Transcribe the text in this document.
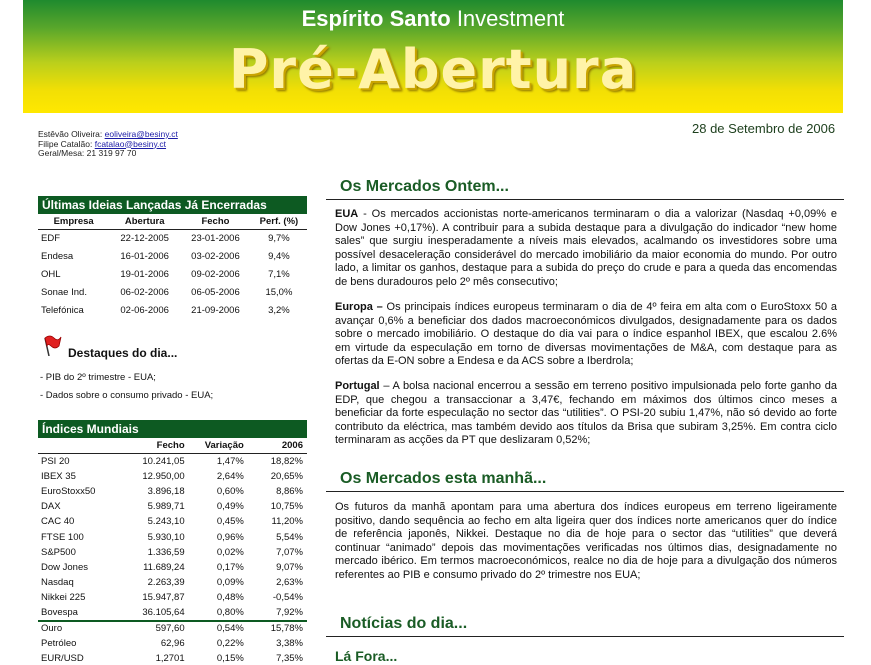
Espírito Santo Investment
Pré-Abertura
28 de Setembro de 2006
Estêvão Oliveira: eoliveira@besiny.ct
Filipe Catalão: fcatalao@besiny.ct
Geral/Mesa: 21 319 97 70
Últimas Ideias Lançadas Já Encerradas
Empresa	Abertura	Fecho	Perf. (%)
EDF	22-12-2005	23-01-2006	9,7%
Endesa	16-01-2006	03-02-2006	9,4%
OHL	19-01-2006	09-02-2006	7,1%
Sonae Ind.	06-02-2006	06-05-2006	15,0%
Telefónica	02-06-2006	21-09-2006	3,2%
Destaques do dia...
- PIB do 2º trimestre - EUA;
- Dados sobre o consumo privado - EUA;
Índices Mundiais
	Fecho	Variação	2006
PSI 20	10.241,05	1,47%	18,82%
IBEX 35	12.950,00	2,64%	20,65%
EuroStoxx50	3.896,18	0,60%	8,86%
DAX	5.989,71	0,49%	10,75%
CAC 40	5.243,10	0,45%	11,20%
FTSE 100	5.930,10	0,96%	5,54%
S&P500	1.336,59	0,02%	7,07%
Dow Jones	11.689,24	0,17%	9,07%
Nasdaq	2.263,39	0,09%	2,63%
Nikkei 225	15.947,87	0,48%	-0,54%
Bovespa	36.105,64	0,80%	7,92%
Ouro	597,60	0,54%	15,78%
Petróleo	62,96	0,22%	3,38%
EUR/USD	1,2701	0,15%	7,35%
Os Mercados Ontem...
EUA - Os mercados accionistas norte-americanos terminaram o dia a valorizar (Nasdaq +0,09% e Dow Jones +0,17%). A contribuir para a subida destaque para a divulgação do indicador “new home sales” que surgiu inesperadamente a níveis mais elevados, acalmando os investidores sobre uma possível desaceleração considerável do mercado imobiliário da maior economia do mundo. Por outro lado, a limitar os ganhos, destaque para a subida do preço do crude e para a queda das encomendas de bens duradouros pelo 2º mês consecutivo;
Europa – Os principais índices europeus terminaram o dia de 4º feira em alta com o EuroStoxx 50 a avançar 0,6% a beneficiar dos dados macroeconómicos divulgados, designadamente para os dados sobre o mercado imobiliário. O destaque do dia vai para o índice espanhol IBEX, que escalou 2.6% em virtude da especulação em torno de diversas movimentações de M&A, com destaque para as ofertas da E-ON sobre a Endesa e da ACS sobre a Iberdrola;
Portugal – A bolsa nacional encerrou a sessão em terreno positivo impulsionada pelo forte ganho da EDP, que chegou a transaccionar a 3,47€, fechando em máximos dos últimos cinco meses a beneficiar da forte especulação no sector das “utilities”. O PSI-20 subiu 1,47%, não só devido ao forte contributo da eléctrica, mas também devido aos títulos da Brisa que subiram 3,25%. Em contra ciclo terminaram as acções da PT que deslizaram 0,52%;
Os Mercados esta manhã...
Os futuros da manhã apontam para uma abertura dos índices europeus em terreno ligeiramente positivo, dando sequência ao fecho em alta ligeira quer dos índices norte americanos quer do índice de referência japonês, Nikkei. Destaque no dia de hoje para o sector das “utilities” que deverá continuar “animado” depois das movimentações verificadas nos últimos dias, designadamente no mercado ibérico. Em termos macroeconómicos, realce no dia de hoje para a divulgação dos números referentes ao PIB e consumo privado do 2º trimestre nos EUA;
Notícias do dia...
Lá Fora...
